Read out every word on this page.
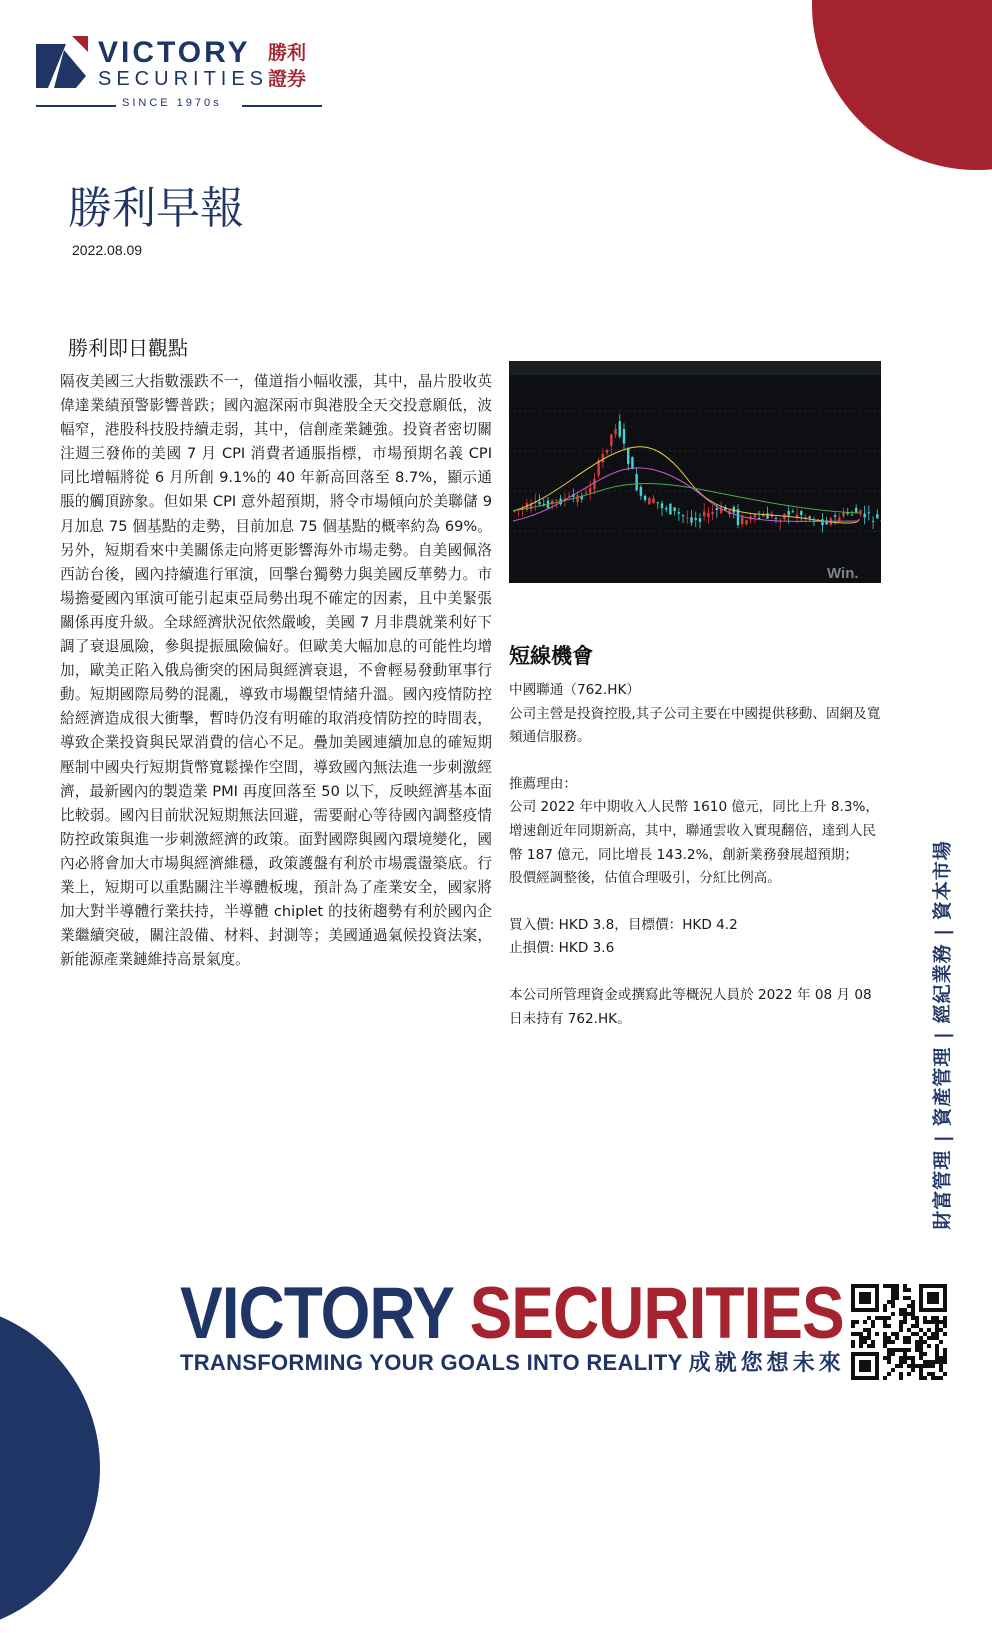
VICTORY
SECURITIES
勝利
證券
SINCE 1970s
勝利早報
2022.08.09
勝利即日觀點
隔夜美國三大指數漲跌不一，僅道指小幅收漲，其中，晶片股收英偉達業績預警影響普跌；國內滬深兩市與港股全天交投意願低，波幅窄，港股科技股持續走弱，其中，信創產業鏈強。投資者密切關注週三發佈的美國 7 月 CPI 消費者通脹指標，市場預期名義 CPI 同比增幅將從 6 月所創 9.1%的 40 年新高回落至 8.7%，顯示通脹的觸頂跡象。但如果 CPI 意外超預期，將令市場傾向於美聯儲 9 月加息 75 個基點的走勢，目前加息 75 個基點的概率約為 69%。另外，短期看來中美關係走向將更影響海外市場走勢。自美國佩洛西訪台後，國內持續進行軍演，回擊台獨勢力與美國反華勢力。市場擔憂國內軍演可能引起東亞局勢出現不確定的因素，且中美緊張關係再度升級。全球經濟狀況依然嚴峻，美國 7 月非農就業利好下調了衰退風險，參與提振風險偏好。但歐美大幅加息的可能性均增加，歐美正陷入俄烏衝突的困局與經濟衰退，不會輕易發動軍事行動。短期國際局勢的混亂，導致市場觀望情緒升溫。國內疫情防控給經濟造成很大衝擊，暫時仍沒有明確的取消疫情防控的時間表，導致企業投資與民眾消費的信心不足。疊加美國連續加息的確短期壓制中國央行短期貨幣寬鬆操作空間，導致國內無法進一步刺激經濟，最新國內的製造業 PMI 再度回落至 50 以下，反映經濟基本面比較弱。國內目前狀況短期無法回避，需要耐心等待國內調整疫情防控政策與進一步刺激經濟的政策。面對國際與國內環境變化，國內必將會加大市場與經濟維穩，政策護盤有利於市場震盪築底。行業上，短期可以重點關注半導體板塊，預計為了產業安全，國家將加大對半導體行業扶持，半導體 chiplet 的技術趨勢有利於國內企業繼續突破，關注設備、材料、封測等；美國通過氣候投資法案，新能源產業鏈維持高景氣度。
Win.
短線機會

中國聯通（762.HK）

公司主營是投資控股,其子公司主要在中國提供移動、固網及寬頻通信服務。

推薦理由：

公司 2022 年中期收入人民幣 1610 億元，同比上升 8.3%，增速創近年同期新高，其中，聯通雲收入實現翻倍，達到人民幣 187 億元，同比增長 143.2%，創新業務發展超預期；

股價經調整後，估值合理吸引，分紅比例高。

買入價: HKD 3.8，目標價：HKD 4.2

止損價: HKD 3.6

本公司所管理資金或撰寫此等概況人員於 2022 年 08 月 08 日未持有 762.HK。	財富管理 | 資產管理 | 經紀業務 | 資本市場
VICTORY SECURITIES
TRANSFORMING YOUR GOALS INTO REALITY 成就您想未來
